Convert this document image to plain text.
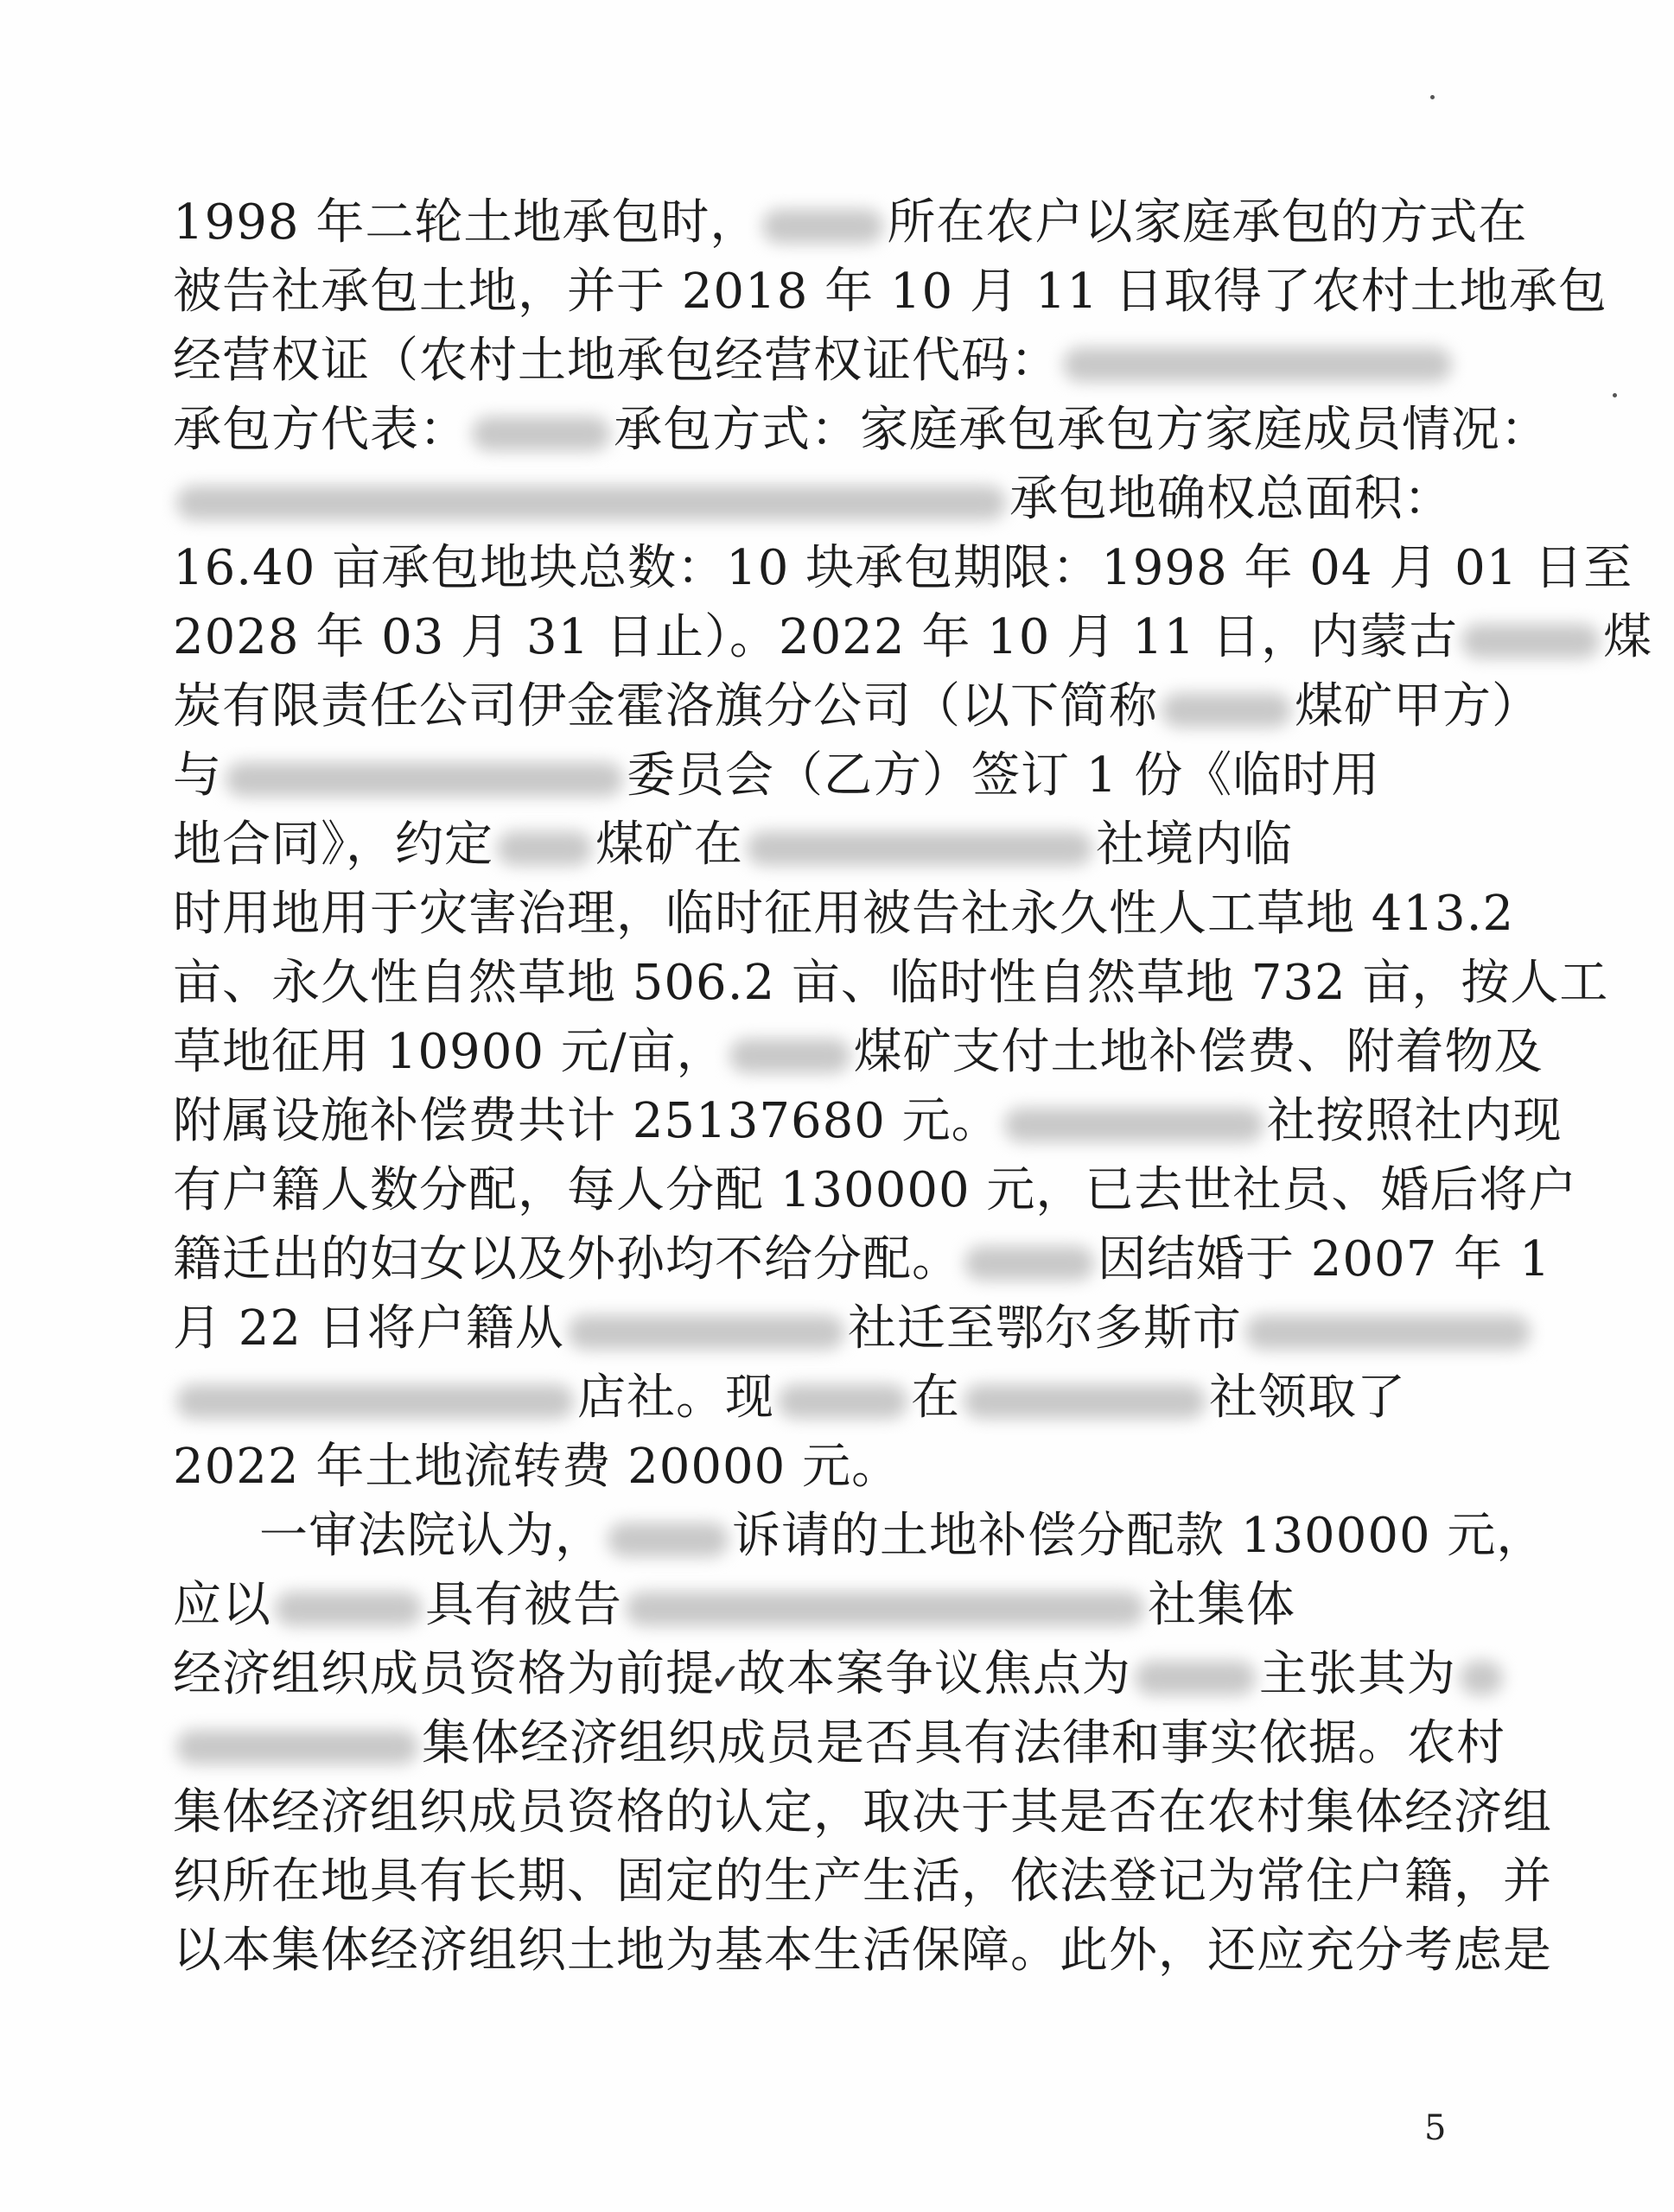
1998 年二轮土地承包时，	所在农户以家庭承包的方式在
被告社承包土地，并于 2018 年 10 月 11 日取得了农村土地承包
经营权证（农村土地承包经营权证代码：
承包方代表：	承包方式：家庭承包承包方家庭成员情况：
承包地确权总面积：
16.40 亩承包地块总数：10 块承包期限：1998 年 04 月 01 日至
2028 年 03 月 31 日止）。2022 年 10 月 11 日，内蒙古	煤
炭有限责任公司伊金霍洛旗分公司（以下简称	煤矿甲方）
与	委员会（乙方）签订 1 份《临时用
地合同》，约定 煤矿在	社境内临
时用地用于灾害治理，临时征用被告社永久性人工草地 413.2
亩、永久性自然草地 506.2 亩、临时性自然草地 732 亩，按人工
草地征用 10900 元/亩，	煤矿支付土地补偿费、附着物及
附属设施补偿费共计 25137680 元。	社按照社内现
有户籍人数分配，每人分配 130000 元，已去世社员、婚后将户
籍迁出的妇女以及外孙均不给分配。	因结婚于 2007 年 1
月 22 日将户籍从	社迁至鄂尔多斯市
店社。现	在	社领取了
2022 年土地流转费 20000 元。
一审法院认为，	诉请的土地补偿分配款 130000 元，
应以	具有被告	社集体
经济组织成员资格为前提✓故本案争议焦点为	主张其为
集体经济组织成员是否具有法律和事实依据。农村
集体经济组织成员资格的认定，取决于其是否在农村集体经济组
织所在地具有长期、固定的生产生活，依法登记为常住户籍，并
以本集体经济组织土地为基本生活保障。此外，还应充分考虑是
5
